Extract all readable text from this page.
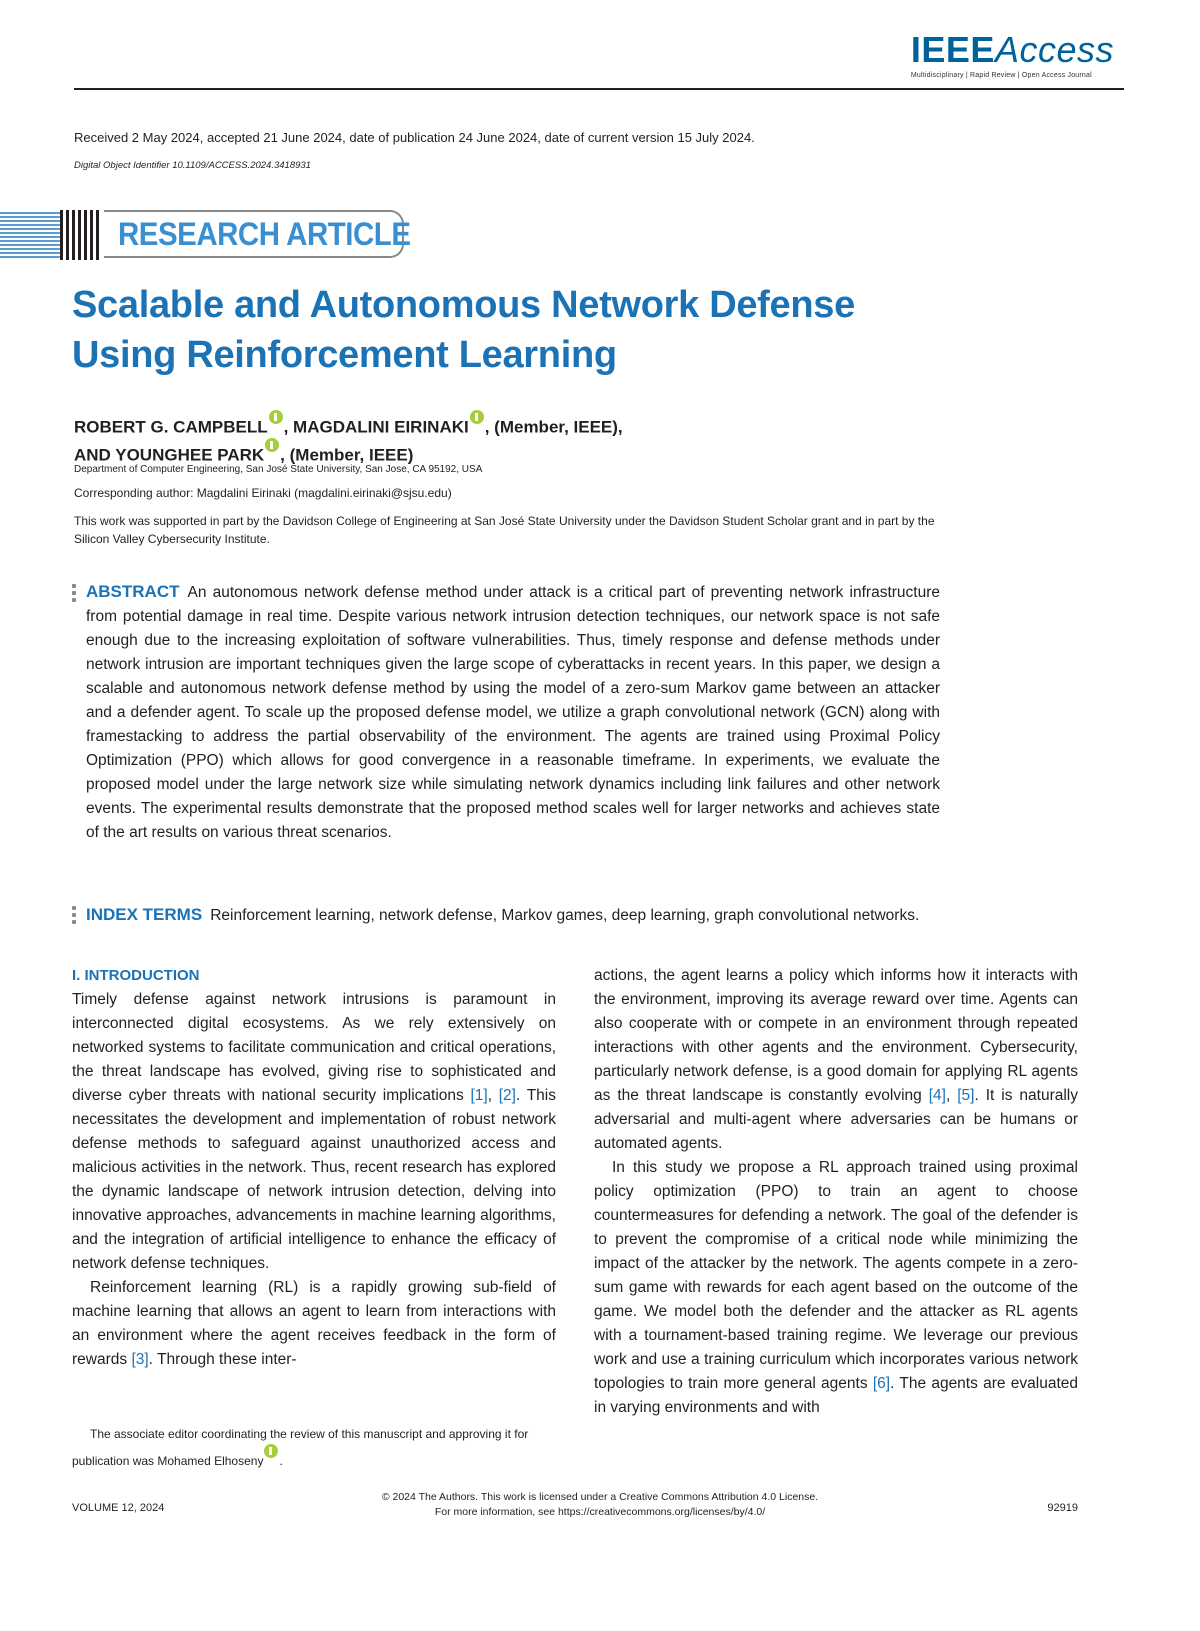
IEEEAccess
Multidisciplinary | Rapid Review | Open Access Journal
Received 2 May 2024, accepted 21 June 2024, date of publication 24 June 2024, date of current version 15 July 2024.
Digital Object Identifier 10.1109/ACCESS.2024.3418931
RESEARCH ARTICLE
Scalable and Autonomous Network Defense
Using Reinforcement Learning
ROBERT G. CAMPBELL , MAGDALINI EIRINAKI , (Member, IEEE),
AND YOUNGHEE PARK , (Member, IEEE)
Department of Computer Engineering, San José State University, San Jose, CA 95192, USA
Corresponding author: Magdalini Eirinaki (magdalini.eirinaki@sjsu.edu)
This work was supported in part by the Davidson College of Engineering at San José State University under the Davidson Student Scholar grant and in part by the Silicon Valley Cybersecurity Institute.
ABSTRACT An autonomous network defense method under attack is a critical part of preventing network infrastructure from potential damage in real time. Despite various network intrusion detection techniques, our network space is not safe enough due to the increasing exploitation of software vulnerabilities. Thus, timely response and defense methods under network intrusion are important techniques given the large scope of cyberattacks in recent years. In this paper, we design a scalable and autonomous network defense method by using the model of a zero-sum Markov game between an attacker and a defender agent. To scale up the proposed defense model, we utilize a graph convolutional network (GCN) along with framestacking to address the partial observability of the environment. The agents are trained using Proximal Policy Optimization (PPO) which allows for good convergence in a reasonable timeframe. In experiments, we evaluate the proposed model under the large network size while simulating network dynamics including link failures and other network events. The experimental results demonstrate that the proposed method scales well for larger networks and achieves state of the art results on various threat scenarios.
INDEX TERMS Reinforcement learning, network defense, Markov games, deep learning, graph convolutional networks.
I. INTRODUCTION

Timely defense against network intrusions is paramount in interconnected digital ecosystems. As we rely extensively on networked systems to facilitate communication and critical operations, the threat landscape has evolved, giving rise to sophisticated and diverse cyber threats with national security implications [1], [2]. This necessitates the development and implementation of robust network defense methods to safeguard against unauthorized access and malicious activities in the network. Thus, recent research has explored the dynamic landscape of network intrusion detection, delving into innovative approaches, advancements in machine learning algorithms, and the integration of artificial intelligence to enhance the efficacy of network defense techniques.

Reinforcement learning (RL) is a rapidly growing sub-field of machine learning that allows an agent to learn from interactions with an environment where the agent receives feedback in the form of rewards [3]. Through these inter-

The associate editor coordinating the review of this manuscript and approving it for publication was Mohamed Elhoseny .

actions, the agent learns a policy which informs how it interacts with the environment, improving its average reward over time. Agents can also cooperate with or compete in an environment through repeated interactions with other agents and the environment. Cybersecurity, particularly network defense, is a good domain for applying RL agents as the threat landscape is constantly evolving [4], [5]. It is naturally adversarial and multi-agent where adversaries can be humans or automated agents.

In this study we propose a RL approach trained using proximal policy optimization (PPO) to train an agent to choose countermeasures for defending a network. The goal of the defender is to prevent the compromise of a critical node while minimizing the impact of the attacker by the network. The agents compete in a zero-sum game with rewards for each agent based on the outcome of the game. We model both the defender and the attacker as RL agents with a tournament-based training regime. We leverage our previous work and use a training curriculum which incorporates various network topologies to train more general agents [6]. The agents are evaluated in varying environments and with

© 2024 The Authors. This work is licensed under a Creative Commons Attribution 4.0 License.
For more information, see https://creativecommons.org/licenses/by/4.0/
VOLUME 12, 2024	92919
